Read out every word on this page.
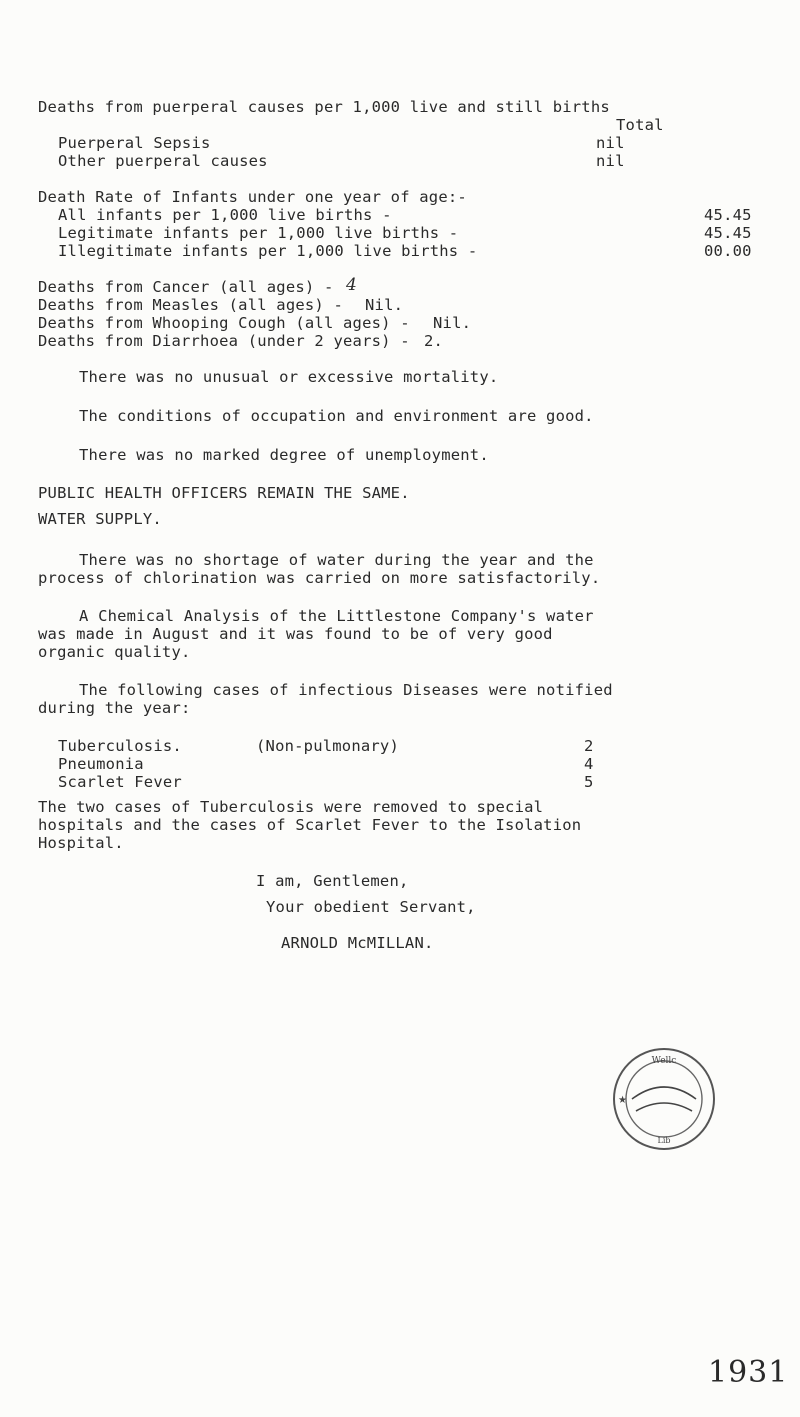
Deaths from puerperal causes per 1,000 live and still births
Total
Puerperal Sepsis	nil
Other puerperal causes	nil
Death Rate of Infants under one year of age:-
All infants per 1,000 live births -	45.45
Legitimate infants per 1,000 live births -	45.45
Illegitimate infants per 1,000 live births -	00.00
Deaths from Cancer (all ages) - 4
Deaths from Measles (all ages) - Nil.
Deaths from Whooping Cough (all ages) - Nil.
Deaths from Diarrhoea (under 2 years) - 2.
There was no unusual or excessive mortality.
The conditions of occupation and environment are good.
There was no marked degree of unemployment.
PUBLIC HEALTH OFFICERS REMAIN THE SAME.
WATER SUPPLY.
There was no shortage of water during the year and the
process of chlorination was carried on more satisfactorily.
A Chemical Analysis of the Littlestone Company's water
was made in August and it was found to be of very good
organic quality.
The following cases of infectious Diseases were notified
during the year:
Tuberculosis.	(Non-pulmonary)	2
Pneumonia	4
Scarlet Fever	5
The two cases of Tuberculosis were removed to special
hospitals and the cases of Scarlet Fever to the Isolation
Hospital.
I am, Gentlemen,
Your obedient Servant,
ARNOLD McMILLAN.
Wellc
★
Lib
1931
